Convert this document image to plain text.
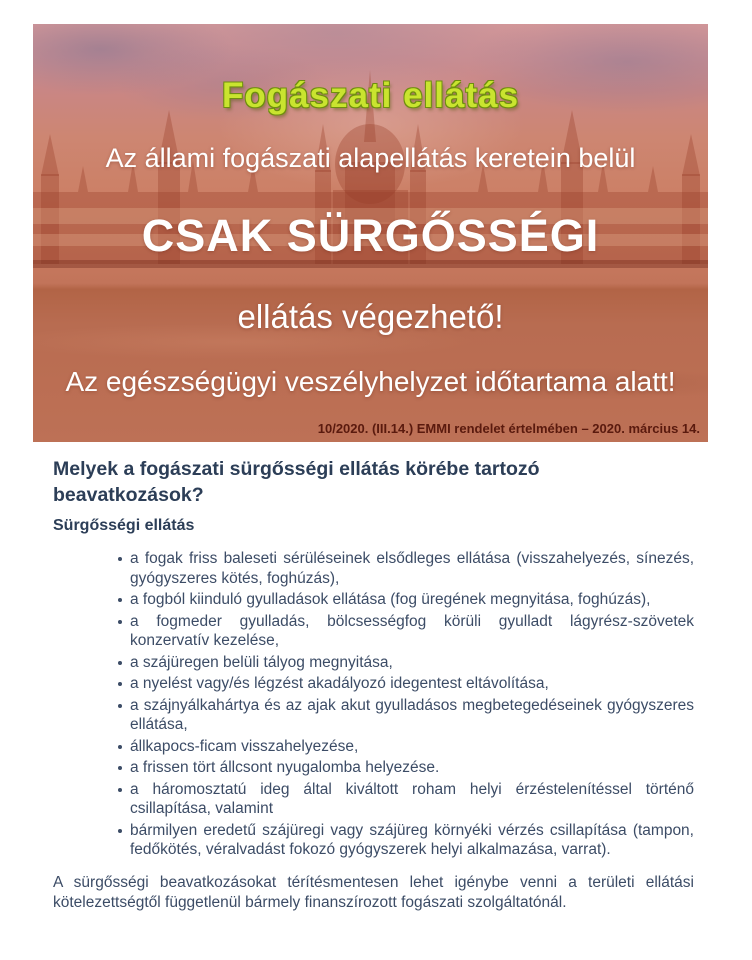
Fogászati ellátás
Az állami fogászati alapellátás keretein belül
CSAK SÜRGŐSSÉGI
ellátás végezhető!
Az egészségügyi veszélyhelyzet időtartama alatt!
10/2020. (III.14.) EMMI rendelet értelmében – 2020. március 14.
Melyek a fogászati sürgősségi ellátás körébe tartozó beavatkozások?
Sürgősségi ellátás
a fogak friss baleseti sérüléseinek elsődleges ellátása (visszahelyezés, sínezés, gyógyszeres kötés, foghúzás),
a fogból kiinduló gyulladások ellátása (fog üregének megnyitása, foghúzás),
a fogmeder gyulladás, bölcsességfog körüli gyulladt lágyrész-szövetek konzervatív kezelése,
a szájüregen belüli tályog megnyitása,
a nyelést vagy/és légzést akadályozó idegentest eltávolítása,
a szájnyálkahártya és az ajak akut gyulladásos megbetegedéseinek gyógyszeres ellátása,
állkapocs-ficam visszahelyezése,
a frissen tört állcsont nyugalomba helyezése.
a háromosztatú ideg által kiváltott roham helyi érzéstelenítéssel történő csillapítása, valamint
bármilyen eredetű szájüregi vagy szájüreg környéki vérzés csillapítása (tampon, fedőkötés, véralvadást fokozó gyógyszerek helyi alkalmazása, varrat).

A sürgősségi beavatkozásokat térítésmentesen lehet igénybe venni a területi ellátási kötelezettségtől függetlenül bármely finanszírozott fogászati szolgáltatónál.
